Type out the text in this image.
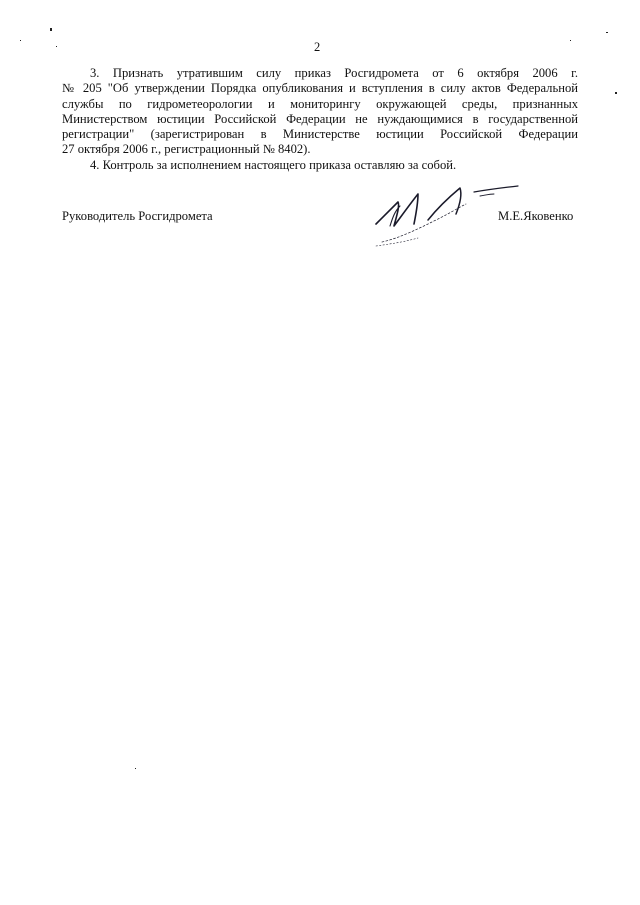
2
3. Признать утратившим силу приказ Росгидромета от 6 октября 2006 г.
№ 205 "Об утверждении Порядка опубликования и вступления в силу актов Федеральной
службы по гидрометеорологии и мониторингу окружающей среды, признанных
Министерством юстиции Российской Федерации не нуждающимися в государственной
регистрации" (зарегистрирован в Министерстве юстиции Российской Федерации
27 октября 2006 г., регистрационный № 8402).
4. Контроль за исполнением настоящего приказа оставляю за собой.
Руководитель Росгидромета	М.Е.Яковенко
